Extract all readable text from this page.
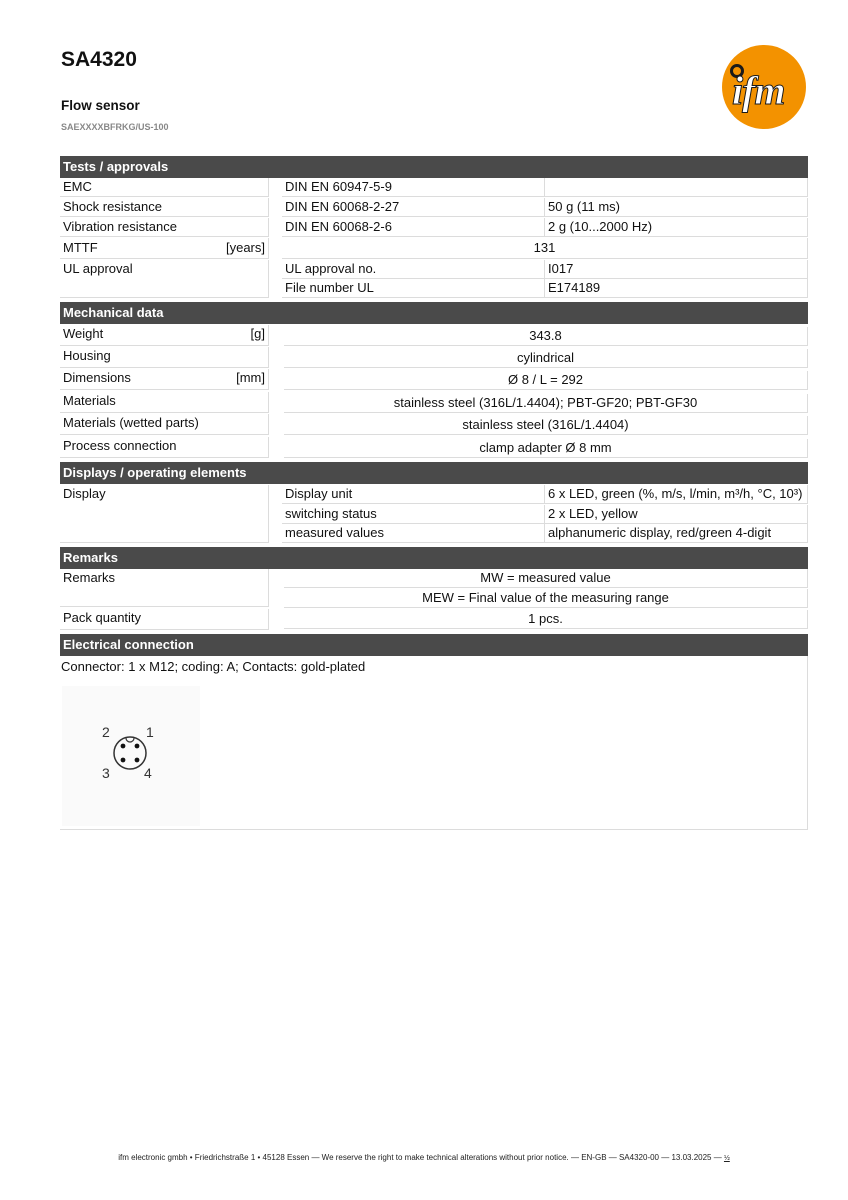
SA4320
Flow sensor
SAEXXXXBFRKG/US-100
ifm
Tests / approvals
EMC	DIN EN 60947-5-9
Shock resistance	DIN EN 60068-2-27	50 g (11 ms)
Vibration resistance	DIN EN 60068-2-6	2 g (10...2000 Hz)
MTTF	[years]	131
UL approval	UL approval no.	I017
File number UL	E174189
Mechanical data
Weight	[g]	343.8
Housing	cylindrical
Dimensions	[mm]	Ø 8 / L = 292
Materials	stainless steel (316L/1.4404); PBT-GF20; PBT-GF30
Materials (wetted parts)	stainless steel (316L/1.4404)
Process connection	clamp adapter Ø 8 mm
Displays / operating elements
Display	Display unit	6 x LED, green (%, m/s, l/min, m³/h, °C, 10³)
switching status	2 x LED, yellow
measured values	alphanumeric display, red/green 4-digit
Remarks
Remarks	MW = measured value
MEW = Final value of the measuring range
Pack quantity	1 pcs.
Electrical connection
Connector: 1 x M12; coding: A; Contacts: gold-plated
2	1
3 4
ifm electronic gmbh • Friedrichstraße 1 • 45128 Essen — We reserve the right to make technical alterations without prior notice. — EN-GB — SA4320-00 — 13.03.2025 — ½
